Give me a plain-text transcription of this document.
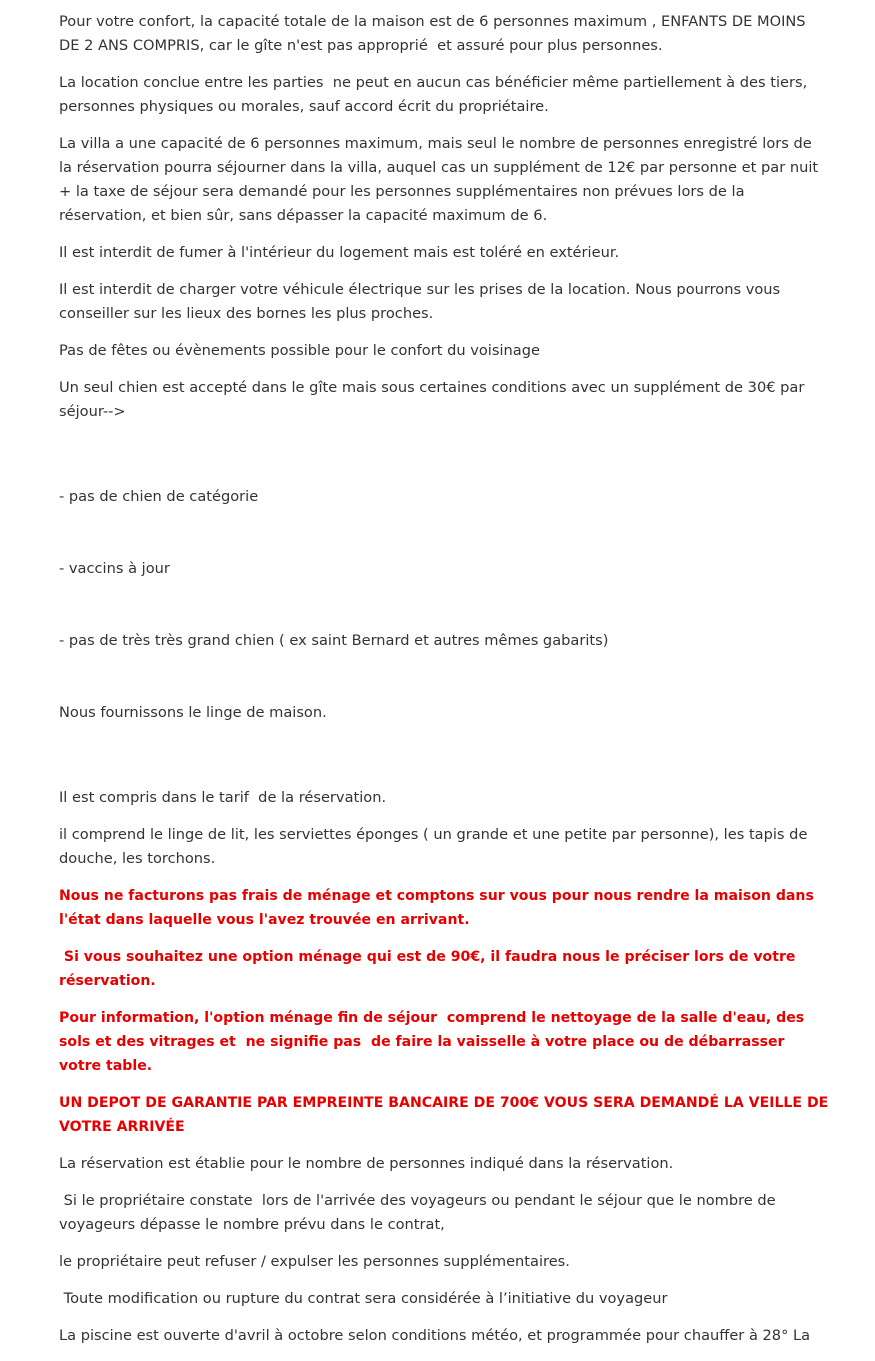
Pour votre confort, la capacité totale de la maison est de 6 personnes maximum , ENFANTS DE MOINS DE 2 ANS COMPRIS, car le gîte n'est pas approprié  et assuré pour plus personnes.

La location conclue entre les parties  ne peut en aucun cas bénéficier même partiellement à des tiers, personnes physiques ou morales, sauf accord écrit du propriétaire.

La villa a une capacité de 6 personnes maximum, mais seul le nombre de personnes enregistré lors de la réservation pourra séjourner dans la villa, auquel cas un supplément de 12€ par personne et par nuit + la taxe de séjour sera demandé pour les personnes supplémentaires non prévues lors de la réservation, et bien sûr, sans dépasser la capacité maximum de 6.

Il est interdit de fumer à l'intérieur du logement mais est toléré en extérieur.

Il est interdit de charger votre véhicule électrique sur les prises de la location. Nous pourrons vous conseiller sur les lieux des bornes les plus proches.

Pas de fêtes ou évènements possible pour le confort du voisinage

Un seul chien est accepté dans le gîte mais sous certaines conditions avec un supplément de 30€ par séjour-->

- pas de chien de catégorie

- vaccins à jour

- pas de très très grand chien ( ex saint Bernard et autres mêmes gabarits)

Nous fournissons le linge de maison.

Il est compris dans le tarif  de la réservation.

il comprend le linge de lit, les serviettes éponges ( un grande et une petite par personne), les tapis de douche, les torchons.

Nous ne facturons pas frais de ménage et comptons sur vous pour nous rendre la maison dans l'état dans laquelle vous l'avez trouvée en arrivant.

Si vous souhaitez une option ménage qui est de 90€, il faudra nous le préciser lors de votre réservation.

Pour information, l'option ménage fin de séjour  comprend le nettoyage de la salle d'eau, des sols et des vitrages et  ne signifie pas  de faire la vaisselle à votre place ou de débarrasser votre table.

UN DEPOT DE GARANTIE PAR EMPREINTE BANCAIRE DE 700€ VOUS SERA DEMANDÉ LA VEILLE DE VOTRE ARRIVÉE

La réservation est établie pour le nombre de personnes indiqué dans la réservation.

Si le propriétaire constate  lors de l'arrivée des voyageurs ou pendant le séjour que le nombre de voyageurs dépasse le nombre prévu dans le contrat,

le propriétaire peut refuser / expulser les personnes supplémentaires.

Toute modification ou rupture du contrat sera considérée à l’initiative du voyageur

La piscine est ouverte d'avril à octobre selon conditions météo, et programmée pour chauffer à 28° La
